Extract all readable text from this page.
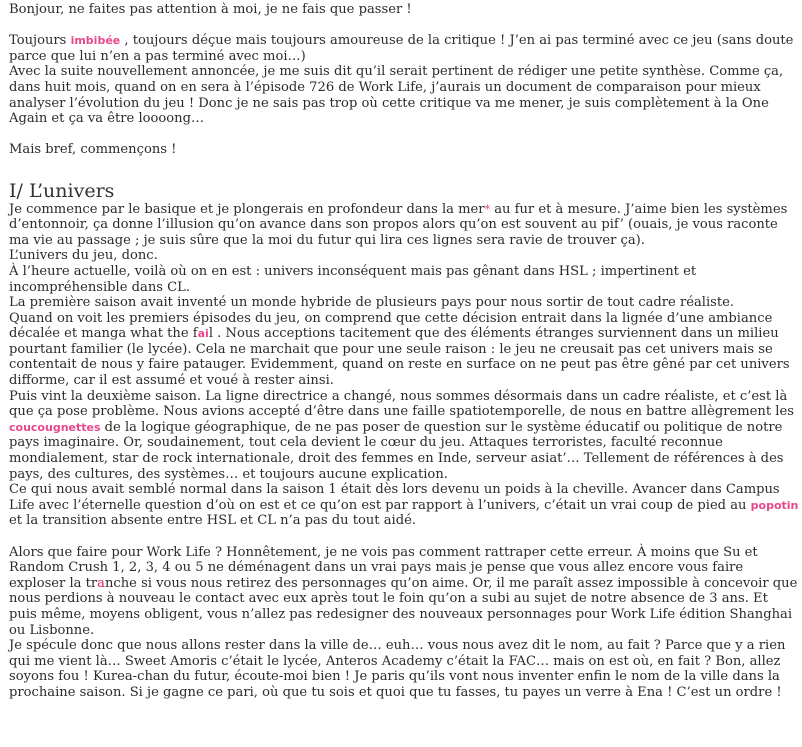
Bonjour, ne faites pas attention à moi, je ne fais que passer !

Toujours imbibée , toujours déçue mais toujours amoureuse de la critique ! J’en ai pas terminé avec ce jeu (sans doute parce que lui n’en a pas terminé avec moi…)

Avec la suite nouvellement annoncée, je me suis dit qu’il serait pertinent de rédiger une petite synthèse. Comme ça, dans huit mois, quand on en sera à l’épisode 726 de Work Life, j’aurais un document de comparaison pour mieux analyser l’évolution du jeu ! Donc je ne sais pas trop où cette critique va me mener, je suis complètement à la One Again et ça va être loooong…

Mais bref, commençons !

I/ L’univers

Je commence par le basique et je plongerais en profondeur dans la mer* au fur et à mesure. J’aime bien les systèmes d’entonnoir, ça donne l’illusion qu’on avance dans son propos alors qu’on est souvent au pif’ (ouais, je vous raconte ma vie au passage ; je suis sûre que la moi du futur qui lira ces lignes sera ravie de trouver ça).

L’univers du jeu, donc.

À l’heure actuelle, voilà où on en est : univers inconséquent mais pas gênant dans HSL ; impertinent et incompréhensible dans CL.

La première saison avait inventé un monde hybride de plusieurs pays pour nous sortir de tout cadre réaliste.

Quand on voit les premiers épisodes du jeu, on comprend que cette décision entrait dans la lignée d’une ambiance décalée et manga what the fail . Nous acceptions tacitement que des éléments étranges surviennent dans un milieu pourtant familier (le lycée). Cela ne marchait que pour une seule raison : le jeu ne creusait pas cet univers mais se contentait de nous y faire patauger. Evidemment, quand on reste en surface on ne peut pas être gêné par cet univers difforme, car il est assumé et voué à rester ainsi.

Puis vint la deuxième saison. La ligne directrice a changé, nous sommes désormais dans un cadre réaliste, et c’est là que ça pose problème. Nous avions accepté d’être dans une faille spatiotemporelle, de nous en battre allègrement les coucougnettes de la logique géographique, de ne pas poser de question sur le système éducatif ou politique de notre pays imaginaire. Or, soudainement, tout cela devient le cœur du jeu. Attaques terroristes, faculté reconnue mondialement, star de rock internationale, droit des femmes en Inde, serveur asiat’… Tellement de références à des pays, des cultures, des systèmes… et toujours aucune explication.

Ce qui nous avait semblé normal dans la saison 1 était dès lors devenu un poids à la cheville. Avancer dans Campus Life avec l’éternelle question d’où on est et ce qu’on est par rapport à l’univers, c’était un vrai coup de pied au popotin et la transition absente entre HSL et CL n’a pas du tout aidé.

Alors que faire pour Work Life ? Honnêtement, je ne vois pas comment rattraper cette erreur. À moins que Su et Random Crush 1, 2, 3, 4 ou 5 ne déménagent dans un vrai pays mais je pense que vous allez encore vous faire exploser la tranche si vous nous retirez des personnages qu’on aime. Or, il me paraît assez impossible à concevoir que nous perdions à nouveau le contact avec eux après tout le foin qu’on a subi au sujet de notre absence de 3 ans. Et puis même, moyens obligent, vous n’allez pas redesigner des nouveaux personnages pour Work Life édition Shanghai ou Lisbonne.

Je spécule donc que nous allons rester dans la ville de… euh… vous nous avez dit le nom, au fait ? Parce que y a rien qui me vient là… Sweet Amoris c’était le lycée, Anteros Academy c’était la FAC… mais on est où, en fait ? Bon, allez soyons fou ! Kurea-chan du futur, écoute-moi bien ! Je paris qu’ils vont nous inventer enfin le nom de la ville dans la prochaine saison. Si je gagne ce pari, où que tu sois et quoi que tu fasses, tu payes un verre à Ena ! C’est un ordre !
